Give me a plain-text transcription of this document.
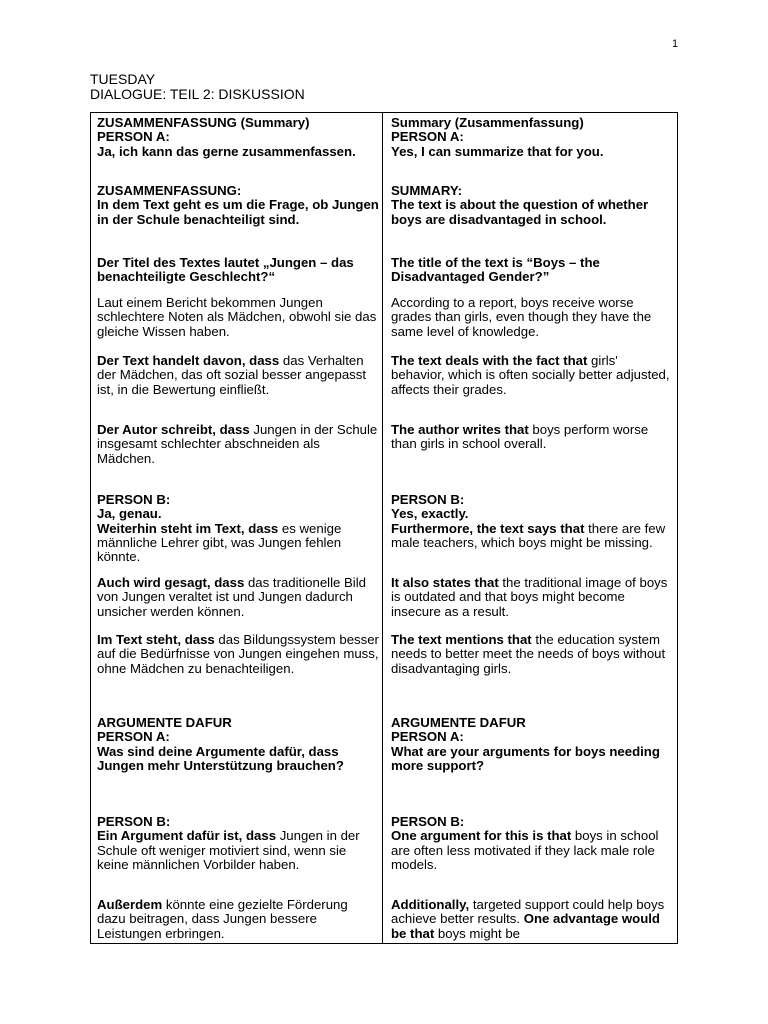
1
TUESDAY
DIALOGUE: TEIL 2: DISKUSSION

ZUSAMMENFASSUNG (Summary)

PERSON A:

Ja, ich kann das gerne zusammenfassen.

ZUSAMMENFASSUNG:

In dem Text geht es um die Frage, ob Jungen in der Schule benachteiligt sind.

Der Titel des Textes lautet „Jungen – das benachteiligte Geschlecht?“

Laut einem Bericht bekommen Jungen schlechtere Noten als Mädchen, obwohl sie das gleiche Wissen haben.

Der Text handelt davon, dass das Verhalten der Mädchen, das oft sozial besser angepasst ist, in die Bewertung einfließt.

Der Autor schreibt, dass Jungen in der Schule insgesamt schlechter abschneiden als Mädchen.

PERSON B:

Ja, genau.

Weiterhin steht im Text, dass es wenige männliche Lehrer gibt, was Jungen fehlen könnte.

Auch wird gesagt, dass das traditionelle Bild von Jungen veraltet ist und Jungen dadurch unsicher werden können.

Im Text steht, dass das Bildungssystem besser auf die Bedürfnisse von Jungen eingehen muss, ohne Mädchen zu benachteiligen.

ARGUMENTE DAFUR

PERSON A:

Was sind deine Argumente dafür, dass Jungen mehr Unterstützung brauchen?

PERSON B:

Ein Argument dafür ist, dass Jungen in der Schule oft weniger motiviert sind, wenn sie keine männlichen Vorbilder haben.

Außerdem könnte eine gezielte Förderung dazu beitragen, dass Jungen bessere Leistungen erbringen.

Summary (Zusammenfassung)

PERSON A:

Yes, I can summarize that for you.

SUMMARY:

The text is about the question of whether boys are disadvantaged in school.

The title of the text is “Boys – the Disadvantaged Gender?”

According to a report, boys receive worse grades than girls, even though they have the same level of knowledge.

The text deals with the fact that girls' behavior, which is often socially better adjusted, affects their grades.

The author writes that boys perform worse than girls in school overall.

PERSON B:

Yes, exactly.

Furthermore, the text says that there are few male teachers, which boys might be missing.

It also states that the traditional image of boys is outdated and that boys might become insecure as a result.

The text mentions that the education system needs to better meet the needs of boys without disadvantaging girls.

ARGUMENTE DAFUR

PERSON A:

What are your arguments for boys needing more support?

PERSON B:

One argument for this is that boys in school are often less motivated if they lack male role models.

Additionally, targeted support could help boys achieve better results. One advantage would be that boys might be
